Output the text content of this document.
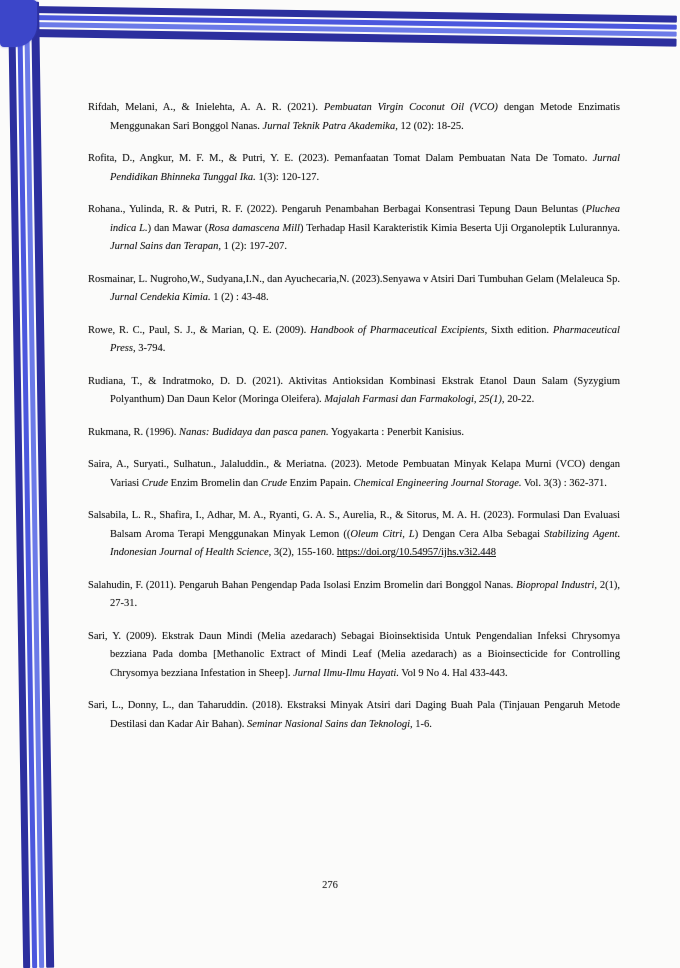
Rifdah, Melani, A., & Inielehta, A. A. R. (2021). Pembuatan Virgin Coconut Oil (VCO) dengan Metode Enzimatis Menggunakan Sari Bonggol Nanas. Jurnal Teknik Patra Akademika, 12 (02): 18-25.

Rofita, D., Angkur, M. F. M., & Putri, Y. E. (2023). Pemanfaatan Tomat Dalam Pembuatan Nata De Tomato. Jurnal Pendidikan Bhinneka Tunggal Ika. 1(3): 120-127.

Rohana., Yulinda, R. & Putri, R. F. (2022). Pengaruh Penambahan Berbagai Konsentrasi Tepung Daun Beluntas (Pluchea indica L.) dan Mawar (Rosa damascena Mill) Terhadap Hasil Karakteristik Kimia Beserta Uji Organoleptik Lulurannya. Jurnal Sains dan Terapan, 1 (2): 197-207.

Rosmainar, L. Nugroho,W., Sudyana,I.N., dan Ayuchecaria,N. (2023).Senyawa v Atsiri Dari Tumbuhan Gelam (Melaleuca Sp. Jurnal Cendekia Kimia. 1 (2) : 43-48.

Rowe, R. C., Paul, S. J., & Marian, Q. E. (2009). Handbook of Pharmaceutical Excipients, Sixth edition. Pharmaceutical Press, 3-794.

Rudiana, T., & Indratmoko, D. D. (2021). Aktivitas Antioksidan Kombinasi Ekstrak Etanol Daun Salam (Syzygium Polyanthum) Dan Daun Kelor (Moringa Oleifera). Majalah Farmasi dan Farmakologi, 25(1), 20-22.

Rukmana, R. (1996). Nanas: Budidaya dan pasca panen. Yogyakarta : Penerbit Kanisius.

Saira, A., Suryati., Sulhatun., Jalaluddin., & Meriatna. (2023). Metode Pembuatan Minyak Kelapa Murni (VCO) dengan Variasi Crude Enzim Bromelin dan Crude Enzim Papain. Chemical Engineering Journal Storage. Vol. 3(3) : 362-371.

Salsabila, L. R., Shafira, I., Adhar, M. A., Ryanti, G. A. S., Aurelia, R., & Sitorus, M. A. H. (2023). Formulasi Dan Evaluasi Balsam Aroma Terapi Menggunakan Minyak Lemon ((Oleum Citri, L) Dengan Cera Alba Sebagai Stabilizing Agent. Indonesian Journal of Health Science, 3(2), 155-160. https://doi.org/10.54957/ijhs.v3i2.448

Salahudin, F. (2011). Pengaruh Bahan Pengendap Pada Isolasi Enzim Bromelin dari Bonggol Nanas. Biopropal Industri, 2(1), 27-31.

Sari, Y. (2009). Ekstrak Daun Mindi (Melia azedarach) Sebagai Bioinsektisida Untuk Pengendalian Infeksi Chrysomya bezziana Pada domba [Methanolic Extract of Mindi Leaf (Melia azedarach) as a Bioinsecticide for Controlling Chrysomya bezziana Infestation in Sheep]. Jurnal Ilmu-Ilmu Hayati. Vol 9 No 4. Hal 433-443.

Sari, L., Donny, L., dan Taharuddin. (2018). Ekstraksi Minyak Atsiri dari Daging Buah Pala (Tinjauan Pengaruh Metode Destilasi dan Kadar Air Bahan). Seminar Nasional Sains dan Teknologi, 1-6.

276
